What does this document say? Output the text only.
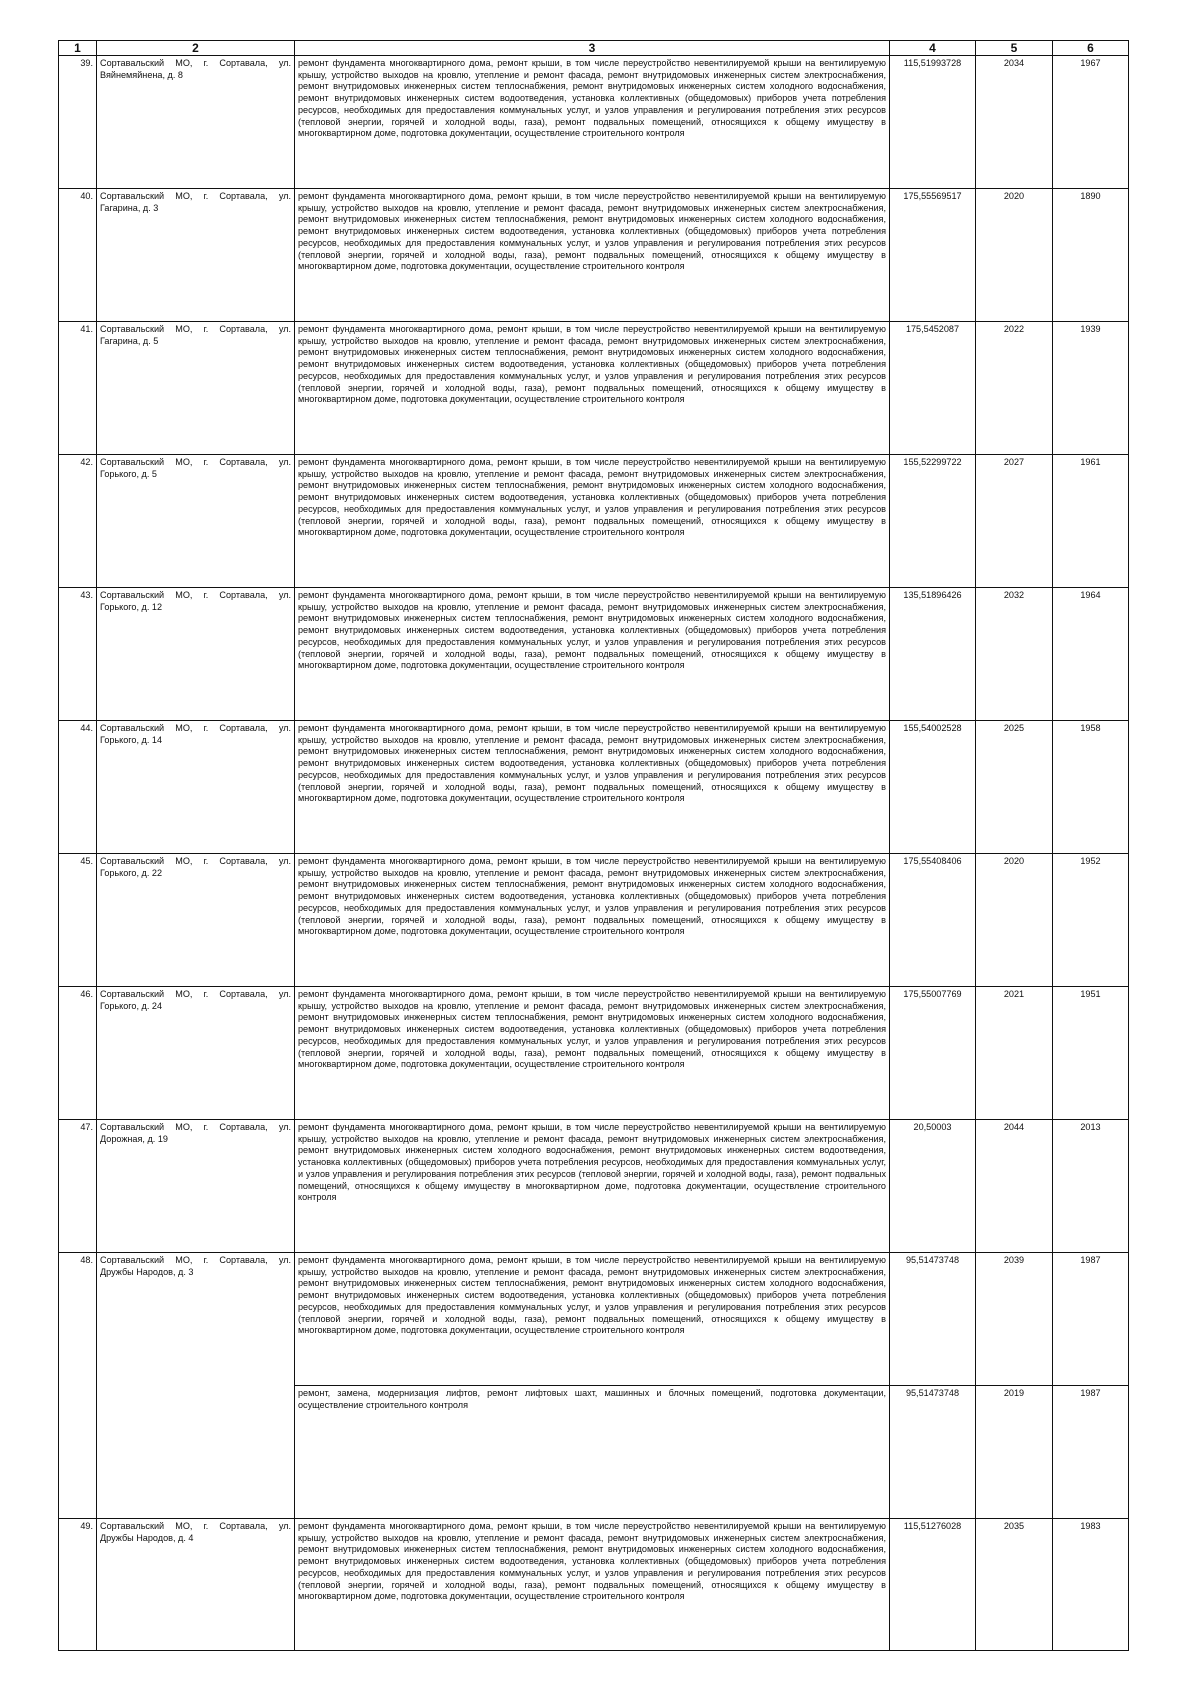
1	2	3	4	5	6
39.	Сортавальский МО, г. Сортавала, ул. Вяйнемяйнена, д. 8	ремонт фундамента многоквартирного дома, ремонт крыши, в том числе переустройство невентилируемой крыши на вентилируемую крышу, устройство выходов на кровлю, утепление и ремонт фасада, ремонт внутридомовых инженерных систем электроснабжения, ремонт внутридомовых инженерных систем теплоснабжения, ремонт внутридомовых инженерных систем холодного водоснабжения, ремонт внутридомовых инженерных систем водоотведения, установка коллективных (общедомовых) приборов учета потребления ресурсов, необходимых для предоставления коммунальных услуг, и узлов управления и регулирования потребления этих ресурсов (тепловой энергии, горячей и холодной воды, газа), ремонт подвальных помещений, относящихся к общему имуществу в многоквартирном доме, подготовка документации, осуществление строительного контроля	115,51993728	2034	1967
40.	Сортавальский МО, г. Сортавала, ул. Гагарина, д. 3	ремонт фундамента многоквартирного дома, ремонт крыши, в том числе переустройство невентилируемой крыши на вентилируемую крышу, устройство выходов на кровлю, утепление и ремонт фасада, ремонт внутридомовых инженерных систем электроснабжения, ремонт внутридомовых инженерных систем теплоснабжения, ремонт внутридомовых инженерных систем холодного водоснабжения, ремонт внутридомовых инженерных систем водоотведения, установка коллективных (общедомовых) приборов учета потребления ресурсов, необходимых для предоставления коммунальных услуг, и узлов управления и регулирования потребления этих ресурсов (тепловой энергии, горячей и холодной воды, газа), ремонт подвальных помещений, относящихся к общему имуществу в многоквартирном доме, подготовка документации, осуществление строительного контроля	175,55569517	2020	1890
41.	Сортавальский МО, г. Сортавала, ул. Гагарина, д. 5	ремонт фундамента многоквартирного дома, ремонт крыши, в том числе переустройство невентилируемой крыши на вентилируемую крышу, устройство выходов на кровлю, утепление и ремонт фасада, ремонт внутридомовых инженерных систем электроснабжения, ремонт внутридомовых инженерных систем теплоснабжения, ремонт внутридомовых инженерных систем холодного водоснабжения, ремонт внутридомовых инженерных систем водоотведения, установка коллективных (общедомовых) приборов учета потребления ресурсов, необходимых для предоставления коммунальных услуг, и узлов управления и регулирования потребления этих ресурсов (тепловой энергии, горячей и холодной воды, газа), ремонт подвальных помещений, относящихся к общему имуществу в многоквартирном доме, подготовка документации, осуществление строительного контроля	175,5452087	2022	1939
42.	Сортавальский МО, г. Сортавала, ул. Горького, д. 5	ремонт фундамента многоквартирного дома, ремонт крыши, в том числе переустройство невентилируемой крыши на вентилируемую крышу, устройство выходов на кровлю, утепление и ремонт фасада, ремонт внутридомовых инженерных систем электроснабжения, ремонт внутридомовых инженерных систем теплоснабжения, ремонт внутридомовых инженерных систем холодного водоснабжения, ремонт внутридомовых инженерных систем водоотведения, установка коллективных (общедомовых) приборов учета потребления ресурсов, необходимых для предоставления коммунальных услуг, и узлов управления и регулирования потребления этих ресурсов (тепловой энергии, горячей и холодной воды, газа), ремонт подвальных помещений, относящихся к общему имуществу в многоквартирном доме, подготовка документации, осуществление строительного контроля	155,52299722	2027	1961
43.	Сортавальский МО, г. Сортавала, ул. Горького, д. 12	ремонт фундамента многоквартирного дома, ремонт крыши, в том числе переустройство невентилируемой крыши на вентилируемую крышу, устройство выходов на кровлю, утепление и ремонт фасада, ремонт внутридомовых инженерных систем электроснабжения, ремонт внутридомовых инженерных систем теплоснабжения, ремонт внутридомовых инженерных систем холодного водоснабжения, ремонт внутридомовых инженерных систем водоотведения, установка коллективных (общедомовых) приборов учета потребления ресурсов, необходимых для предоставления коммунальных услуг, и узлов управления и регулирования потребления этих ресурсов (тепловой энергии, горячей и холодной воды, газа), ремонт подвальных помещений, относящихся к общему имуществу в многоквартирном доме, подготовка документации, осуществление строительного контроля	135,51896426	2032	1964
44.	Сортавальский МО, г. Сортавала, ул. Горького, д. 14	ремонт фундамента многоквартирного дома, ремонт крыши, в том числе переустройство невентилируемой крыши на вентилируемую крышу, устройство выходов на кровлю, утепление и ремонт фасада, ремонт внутридомовых инженерных систем электроснабжения, ремонт внутридомовых инженерных систем теплоснабжения, ремонт внутридомовых инженерных систем холодного водоснабжения, ремонт внутридомовых инженерных систем водоотведения, установка коллективных (общедомовых) приборов учета потребления ресурсов, необходимых для предоставления коммунальных услуг, и узлов управления и регулирования потребления этих ресурсов (тепловой энергии, горячей и холодной воды, газа), ремонт подвальных помещений, относящихся к общему имуществу в многоквартирном доме, подготовка документации, осуществление строительного контроля	155,54002528	2025	1958
45.	Сортавальский МО, г. Сортавала, ул. Горького, д. 22	ремонт фундамента многоквартирного дома, ремонт крыши, в том числе переустройство невентилируемой крыши на вентилируемую крышу, устройство выходов на кровлю, утепление и ремонт фасада, ремонт внутридомовых инженерных систем электроснабжения, ремонт внутридомовых инженерных систем теплоснабжения, ремонт внутридомовых инженерных систем холодного водоснабжения, ремонт внутридомовых инженерных систем водоотведения, установка коллективных (общедомовых) приборов учета потребления ресурсов, необходимых для предоставления коммунальных услуг, и узлов управления и регулирования потребления этих ресурсов (тепловой энергии, горячей и холодной воды, газа), ремонт подвальных помещений, относящихся к общему имуществу в многоквартирном доме, подготовка документации, осуществление строительного контроля	175,55408406	2020	1952
46.	Сортавальский МО, г. Сортавала, ул. Горького, д. 24	ремонт фундамента многоквартирного дома, ремонт крыши, в том числе переустройство невентилируемой крыши на вентилируемую крышу, устройство выходов на кровлю, утепление и ремонт фасада, ремонт внутридомовых инженерных систем электроснабжения, ремонт внутридомовых инженерных систем теплоснабжения, ремонт внутридомовых инженерных систем холодного водоснабжения, ремонт внутридомовых инженерных систем водоотведения, установка коллективных (общедомовых) приборов учета потребления ресурсов, необходимых для предоставления коммунальных услуг, и узлов управления и регулирования потребления этих ресурсов (тепловой энергии, горячей и холодной воды, газа), ремонт подвальных помещений, относящихся к общему имуществу в многоквартирном доме, подготовка документации, осуществление строительного контроля	175,55007769	2021	1951
47.	Сортавальский МО, г. Сортавала, ул. Дорожная, д. 19	ремонт фундамента многоквартирного дома, ремонт крыши, в том числе переустройство невентилируемой крыши на вентилируемую крышу, устройство выходов на кровлю, утепление и ремонт фасада, ремонт внутридомовых инженерных систем электроснабжения, ремонт внутридомовых инженерных систем холодного водоснабжения, ремонт внутридомовых инженерных систем водоотведения, установка коллективных (общедомовых) приборов учета потребления ресурсов, необходимых для предоставления коммунальных услуг, и узлов управления и регулирования потребления этих ресурсов (тепловой энергии, горячей и холодной воды, газа), ремонт подвальных помещений, относящихся к общему имуществу в многоквартирном доме, подготовка документации, осуществление строительного контроля	20,50003	2044	2013
48.	Сортавальский МО, г. Сортавала, ул. Дружбы Народов, д. 3	ремонт фундамента многоквартирного дома, ремонт крыши, в том числе переустройство невентилируемой крыши на вентилируемую крышу, устройство выходов на кровлю, утепление и ремонт фасада, ремонт внутридомовых инженерных систем электроснабжения, ремонт внутридомовых инженерных систем теплоснабжения, ремонт внутридомовых инженерных систем холодного водоснабжения, ремонт внутридомовых инженерных систем водоотведения, установка коллективных (общедомовых) приборов учета потребления ресурсов, необходимых для предоставления коммунальных услуг, и узлов управления и регулирования потребления этих ресурсов (тепловой энергии, горячей и холодной воды, газа), ремонт подвальных помещений, относящихся к общему имуществу в многоквартирном доме, подготовка документации, осуществление строительного контроля	95,51473748	2039	1987
		ремонт, замена, модернизация лифтов, ремонт лифтовых шахт, машинных и блочных помещений, подготовка документации, осуществление строительного контроля	95,51473748	2019	1987
49.	Сортавальский МО, г. Сортавала, ул. Дружбы Народов, д. 4	ремонт фундамента многоквартирного дома, ремонт крыши, в том числе переустройство невентилируемой крыши на вентилируемую крышу, устройство выходов на кровлю, утепление и ремонт фасада, ремонт внутридомовых инженерных систем электроснабжения, ремонт внутридомовых инженерных систем теплоснабжения, ремонт внутридомовых инженерных систем холодного водоснабжения, ремонт внутридомовых инженерных систем водоотведения, установка коллективных (общедомовых) приборов учета потребления ресурсов, необходимых для предоставления коммунальных услуг, и узлов управления и регулирования потребления этих ресурсов (тепловой энергии, горячей и холодной воды, газа), ремонт подвальных помещений, относящихся к общему имуществу в многоквартирном доме, подготовка документации, осуществление строительного контроля	115,51276028	2035	1983
